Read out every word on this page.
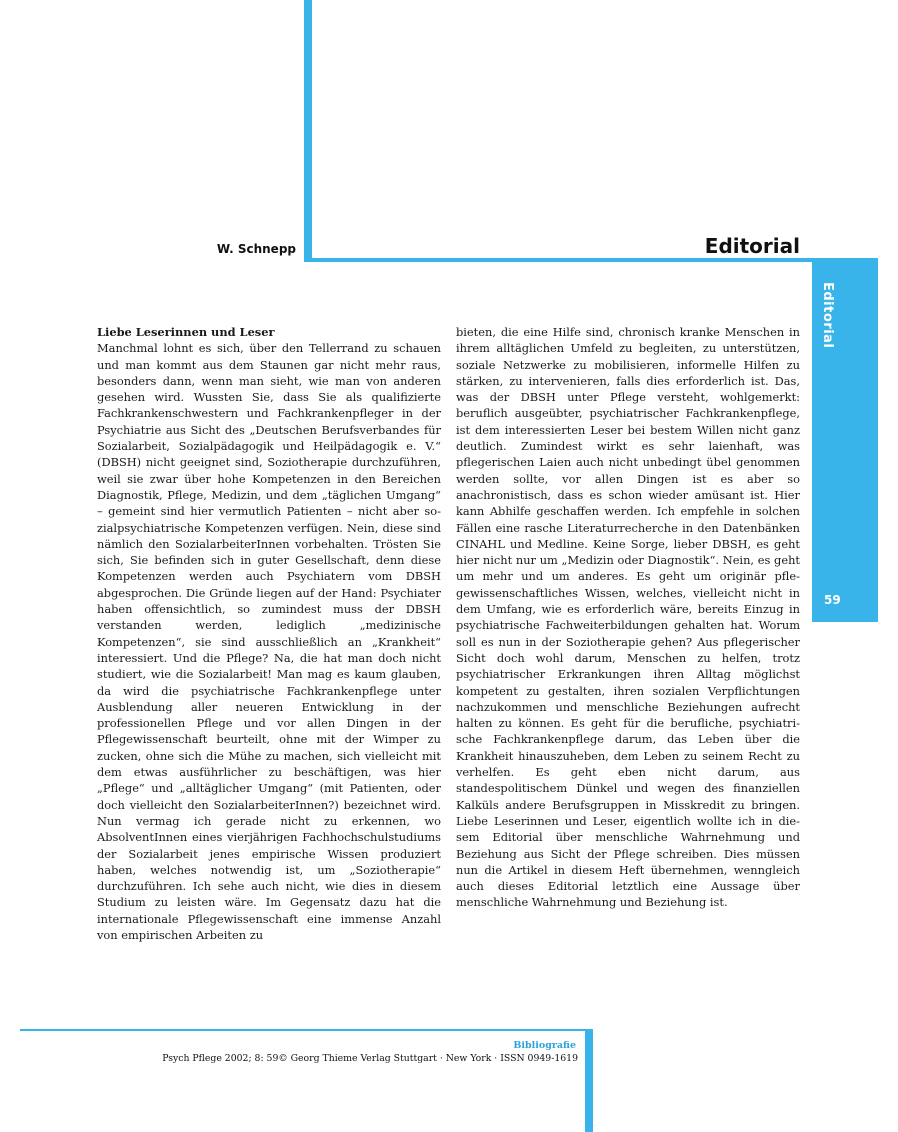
W. Schnepp	Editorial
Editorial
59
Liebe Leserinnen und Leser

Manchmal lohnt es sich, über den Tellerrand zu schauen und man kommt aus dem Staunen gar nicht mehr raus, besonders dann, wenn man sieht, wie man von anderen gesehen wird. Wussten Sie, dass Sie als qualifizierte Fachkrankenschwestern und Fachkrankenpfleger in der Psychiatrie aus Sicht des „Deutschen Berufsverbandes für Sozialarbeit, Sozialpädagogik und Heilpädagogik e. V.“ (DBSH) nicht geeignet sind, Soziotherapie durchzuführen, weil sie zwar über hohe Kompetenzen in den Bereichen Diagnostik, Pflege, Medizin, und dem „täglichen Umgang“ – gemeint sind hier vermutlich Patienten – nicht aber sozialpsychiatrische Kompetenzen verfügen. Nein, diese sind nämlich den SozialarbeiterInnen vorbehalten. Trösten Sie sich, Sie befinden sich in guter Gesellschaft, denn diese Kompetenzen werden auch Psychiatern vom DBSH abgesprochen. Die Gründe liegen auf der Hand: Psychiater haben offensichtlich, so zumindest muss der DBSH verstanden werden, lediglich „medizinische Kompetenzen“, sie sind ausschließlich an „Krankheit“ interessiert. Und die Pflege? Na, die hat man doch nicht studiert, wie die Sozialarbeit! Man mag es kaum glauben, da wird die psychiatrische Fachkrankenpflege unter Ausblendung aller neueren Entwicklung in der professionellen Pflege und vor allen Dingen in der Pflegewissenschaft beurteilt, ohne mit der Wimper zu zucken, ohne sich die Mühe zu machen, sich vielleicht mit dem etwas ausführlicher zu beschäftigen, was hier „Pflege“ und „alltäglicher Umgang“ (mit Patienten, oder doch vielleicht den SozialarbeiterInnen?) bezeichnet wird. Nun vermag ich gerade nicht zu erkennen, wo AbsolventInnen eines vierjährigen Fachhochschulstudiums der Sozialarbeit jenes empirische Wissen produziert haben, welches notwendig ist, um „Soziotherapie“ durchzuführen. Ich sehe auch nicht, wie dies in diesem Studium zu leisten wäre. Im Gegensatz dazu hat die internationale Pflegewissenschaft eine immense Anzahl von empirischen Arbeiten zu

bieten, die eine Hilfe sind, chronisch kranke Menschen in ihrem alltäglichen Umfeld zu begleiten, zu unterstützen, soziale Netzwerke zu mobilisieren, informelle Hilfen zu stärken, zu intervenieren, falls dies erforderlich ist. Das, was der DBSH unter Pflege versteht, wohlgemerkt: beruflich ausgeübter, psychiatrischer Fachkrankenpflege, ist dem interessierten Leser bei bestem Willen nicht ganz deutlich. Zumindest wirkt es sehr laienhaft, was pflegerischen Laien auch nicht unbedingt übel genommen werden sollte, vor allen Dingen ist es aber so anachronistisch, dass es schon wieder amüsant ist. Hier kann Abhilfe geschaffen werden. Ich empfehle in solchen Fällen eine rasche Literaturrecherche in den Datenbänken CINAHL und Medline. Keine Sorge, lieber DBSH, es geht hier nicht nur um „Medizin oder Diagnostik“. Nein, es geht um mehr und um anderes. Es geht um originär pflegewissenschaftliches Wissen, welches, vielleicht nicht in dem Umfang, wie es erforderlich wäre, bereits Einzug in psychiatrische Fachweiterbildungen gehalten hat. Worum soll es nun in der Soziotherapie gehen? Aus pflegerischer Sicht doch wohl darum, Menschen zu helfen, trotz psychiatrischer Erkrankungen ihren Alltag möglichst kompetent zu gestalten, ihren sozialen Verpflichtungen nachzukommen und menschliche Beziehungen aufrecht halten zu können. Es geht für die berufliche, psychiatrische Fachkrankenpflege darum, das Leben über die Krankheit hinauszuheben, dem Leben zu seinem Recht zu verhelfen. Es geht eben nicht darum, aus standespolitischem Dünkel und wegen des finanziellen Kalküls andere Berufsgruppen in Misskredit zu bringen. Liebe Leserinnen und Leser, eigentlich wollte ich in diesem Editorial über menschliche Wahrnehmung und Beziehung aus Sicht der Pflege schreiben. Dies müssen nun die Artikel in diesem Heft übernehmen, wenngleich auch dieses Editorial letztlich eine Aussage über menschliche Wahrnehmung und Beziehung ist.

Bibliografie
Psych Pflege 2002; 8: 59© Georg Thieme Verlag Stuttgart · New York · ISSN 0949-1619
